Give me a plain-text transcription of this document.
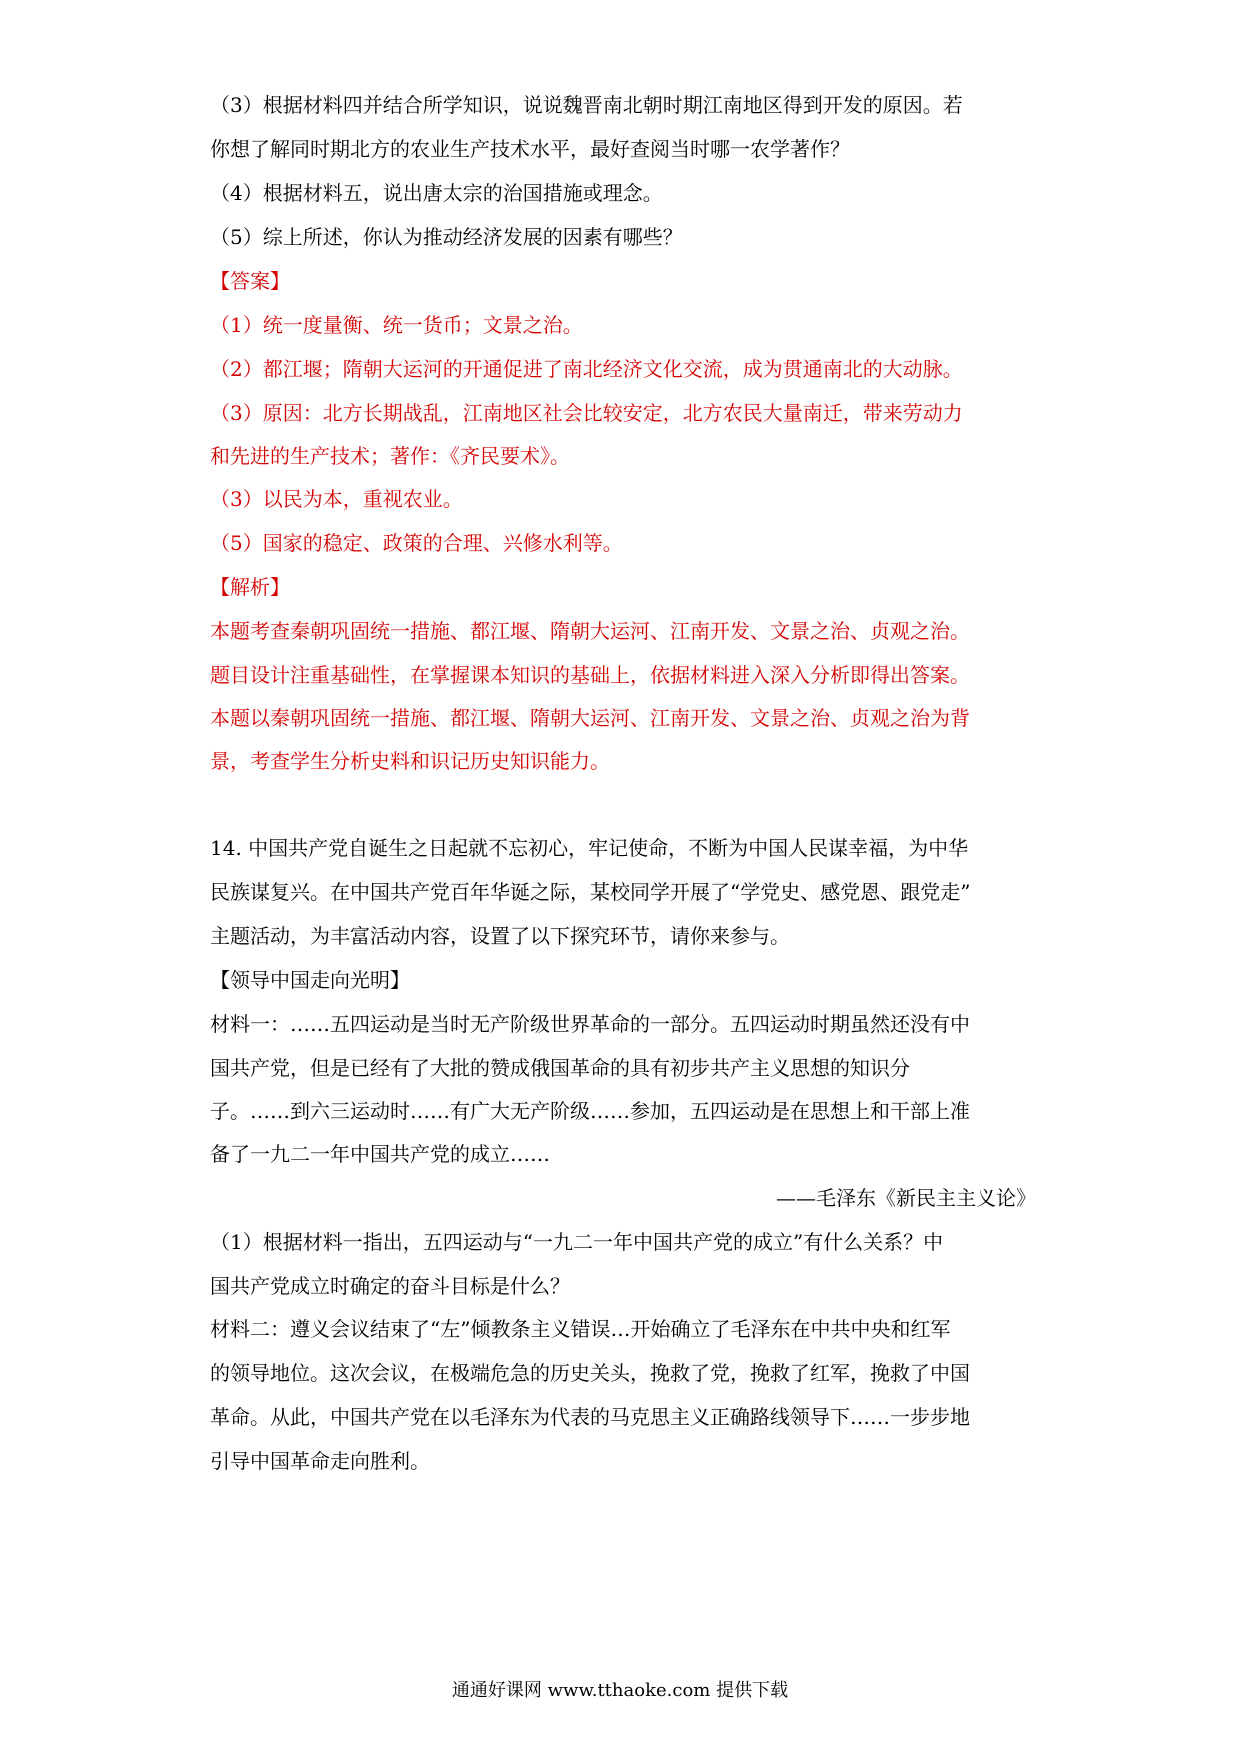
（3）根据材料四并结合所学知识，说说魏晋南北朝时期江南地区得到开发的原因。若
你想了解同时期北方的农业生产技术水平，最好查阅当时哪一农学著作？
（4）根据材料五，说出唐太宗的治国措施或理念。
（5）综上所述，你认为推动经济发展的因素有哪些？
【答案】
（1）统一度量衡、统一货币；文景之治。
（2）都江堰；隋朝大运河的开通促进了南北经济文化交流，成为贯通南北的大动脉。
（3）原因：北方长期战乱，江南地区社会比较安定，北方农民大量南迁，带来劳动力
和先进的生产技术；著作：《齐民要术》。
（3）以民为本，重视农业。
（5）国家的稳定、政策的合理、兴修水利等。
【解析】
本题考查秦朝巩固统一措施、都江堰、隋朝大运河、江南开发、文景之治、贞观之治。
题目设计注重基础性，在掌握课本知识的基础上，依据材料进入深入分析即得出答案。
本题以秦朝巩固统一措施、都江堰、隋朝大运河、江南开发、文景之治、贞观之治为背
景，考查学生分析史料和识记历史知识能力。
14. 中国共产党自诞生之日起就不忘初心，牢记使命，不断为中国人民谋幸福，为中华
民族谋复兴。在中国共产党百年华诞之际，某校同学开展了“学党史、感党恩、跟党走”
主题活动，为丰富活动内容，设置了以下探究环节，请你来参与。
【领导中国走向光明】
材料一：……五四运动是当时无产阶级世界革命的一部分。五四运动时期虽然还没有中
国共产党，但是已经有了大批的赞成俄国革命的具有初步共产主义思想的知识分
子。……到六三运动时……有广大无产阶级……参加，五四运动是在思想上和干部上准
备了一九二一年中国共产党的成立……
——毛泽东《新民主主义论》
（1）根据材料一指出，五四运动与“一九二一年中国共产党的成立”有什么关系？中
国共产党成立时确定的奋斗目标是什么？
材料二：遵义会议结束了“左”倾教条主义错误…开始确立了毛泽东在中共中央和红军
的领导地位。这次会议，在极端危急的历史关头，挽救了党，挽救了红军，挽救了中国
革命。从此，中国共产党在以毛泽东为代表的马克思主义正确路线领导下……一步步地
引导中国革命走向胜利。
通通好课网 www.tthaoke.com 提供下载
